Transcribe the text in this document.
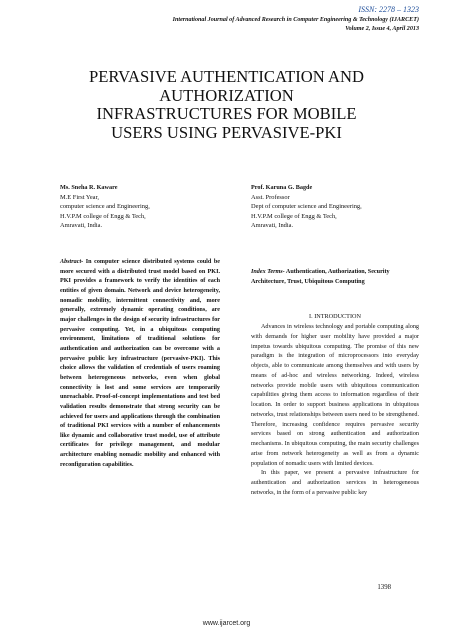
ISSN: 2278 – 1323
International Journal of Advanced Research in Computer Engineering & Technology (IJARCET)
Volume 2, Issue 4, April 2013
PERVASIVE AUTHENTICATION AND
AUTHORIZATION
INFRASTRUCTURES FOR MOBILE
USERS USING PERVASIVE-PKI
Ms. Sneha R. Kaware
M.E First Year,
computer science and Engineering,
H.V.P.M college of Engg & Tech,
Amravati, India.
Prof. Karuna G. Bagde
Asst. Professor
Dept of computer science and Engineering,
H.V.P.M college of Engg & Tech,
Amravati, India.
Abstract- In computer science distributed systems could be more secured with a distributed trust model based on PKI. PKI provides a framework to verify the identities of each entities of given domain. Network and device heterogeneity, nomadic mobility, intermittent connectivity and, more generally, extremely dynamic operating conditions, are major challenges in the design of security infrastructures for pervasive computing. Yet, in a ubiquitous computing environment, limitations of traditional solutions for authentication and authorization can be overcome with a pervasive public key infrastructure (pervasive-PKI). This choice allows the validation of credentials of users roaming between heterogeneous networks, even when global connectivity is lost and some services are temporarily unreachable. Proof-of-concept implementations and test bed validation results demonstrate that strong security can be achieved for users and applications through the combination of traditional PKI services with a number of enhancements like dynamic and collaborative trust model, use of attribute certificates for privilege management, and modular architecture enabling nomadic mobility and enhanced with reconfiguration capabilities.
Index Terms- Authentication, Authorization, Security Architecture, Trust, Ubiquitous Computing
I. INTRODUCTION

Advances in wireless technology and portable computing along with demands for higher user mobility have provided a major impetus towards ubiquitous computing. The promise of this new paradigm is the integration of microprocessors into everyday objects, able to communicate among themselves and with users by means of ad-hoc and wireless networking. Indeed, wireless networks provide mobile users with ubiquitous communication capabilities giving them access to information regardless of their location. In order to support business applications in ubiquitous networks, trust relationships between users need to be strengthened. Therefore, increasing confidence requires pervasive security services based on strong authentication and authorization mechanisms. In ubiquitous computing, the main security challenges arise from network heterogeneity as well as from a dynamic population of nomadic users with limited devices.

In this paper, we present a pervasive infrastructure for authentication and authorization services in heterogeneous networks, in the form of a pervasive public key

1398
www.ijarcet.org
